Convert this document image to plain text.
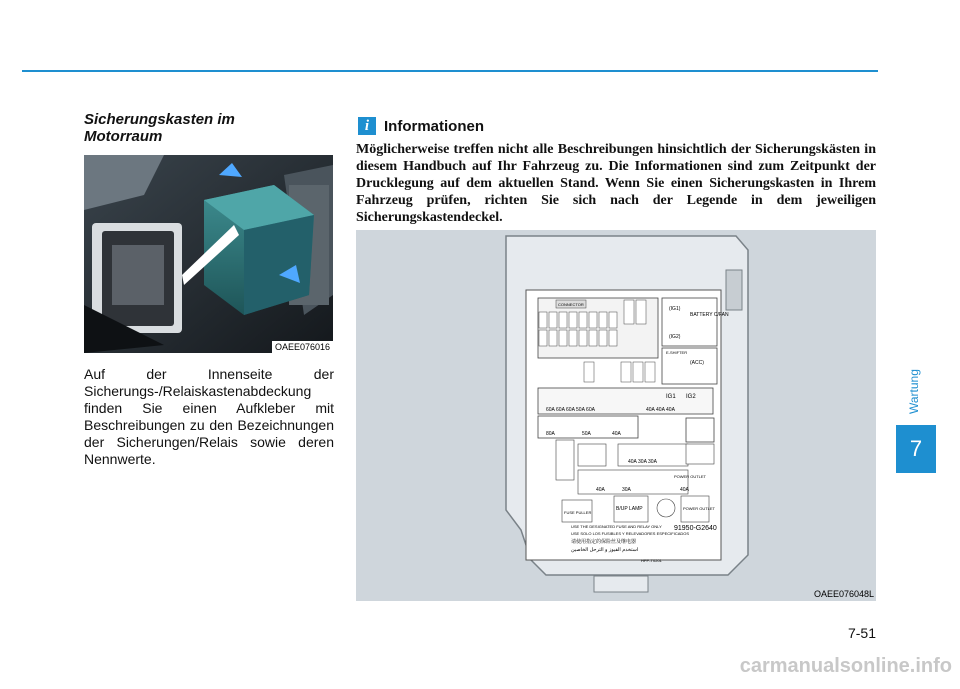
Sicherungskasten im
Motorraum
OAEE076016
Auf der Innenseite der Sicherungs-/Relaiskastenabdeckung finden Sie einen Aufkleber mit Beschreibungen zu den Bezeichnungen der Sicherungen/Relais sowie deren Nennwerte.
i Informationen
Möglicherweise treffen nicht alle Beschreibungen hinsichtlich der Sicherungskästen in diesem Handbuch auf Ihr Fahrzeug zu. Die Informationen sind zum Zeitpunkt der Drucklegung auf dem aktuellen Stand. Wenn Sie einen Sicherungskasten in Ihrem Fahrzeug prüfen, richten Sie sich nach der Legende in dem jeweiligen Sicherungskastendeckel.
CONNECTOR
(IG1)
BATTERY C/FAN
(IG2)
E-SHIFTER
(ACC)
IG1 IG2
60A 60A 60A 50A 60A	40A 40A 40A
80A	50A	40A
40A 30A 30A
40A	30A	40A
POWER OUTLET
FUSE PULLER
B/UP LAMP	POWER OUTLET
91950-G2640
USE THE DESIGNATED FUSE AND RELAY ONLY
USE SOLO LOS FUSIBLES Y RELEVADORES ESPECIFICADOS
请使用指定的保险丝及继电器
استخدم الفيوز و الترحل الخاصين
HPP-T0201
OAEE076048L
Wartung
7
7-51
carmanualsonline.info
